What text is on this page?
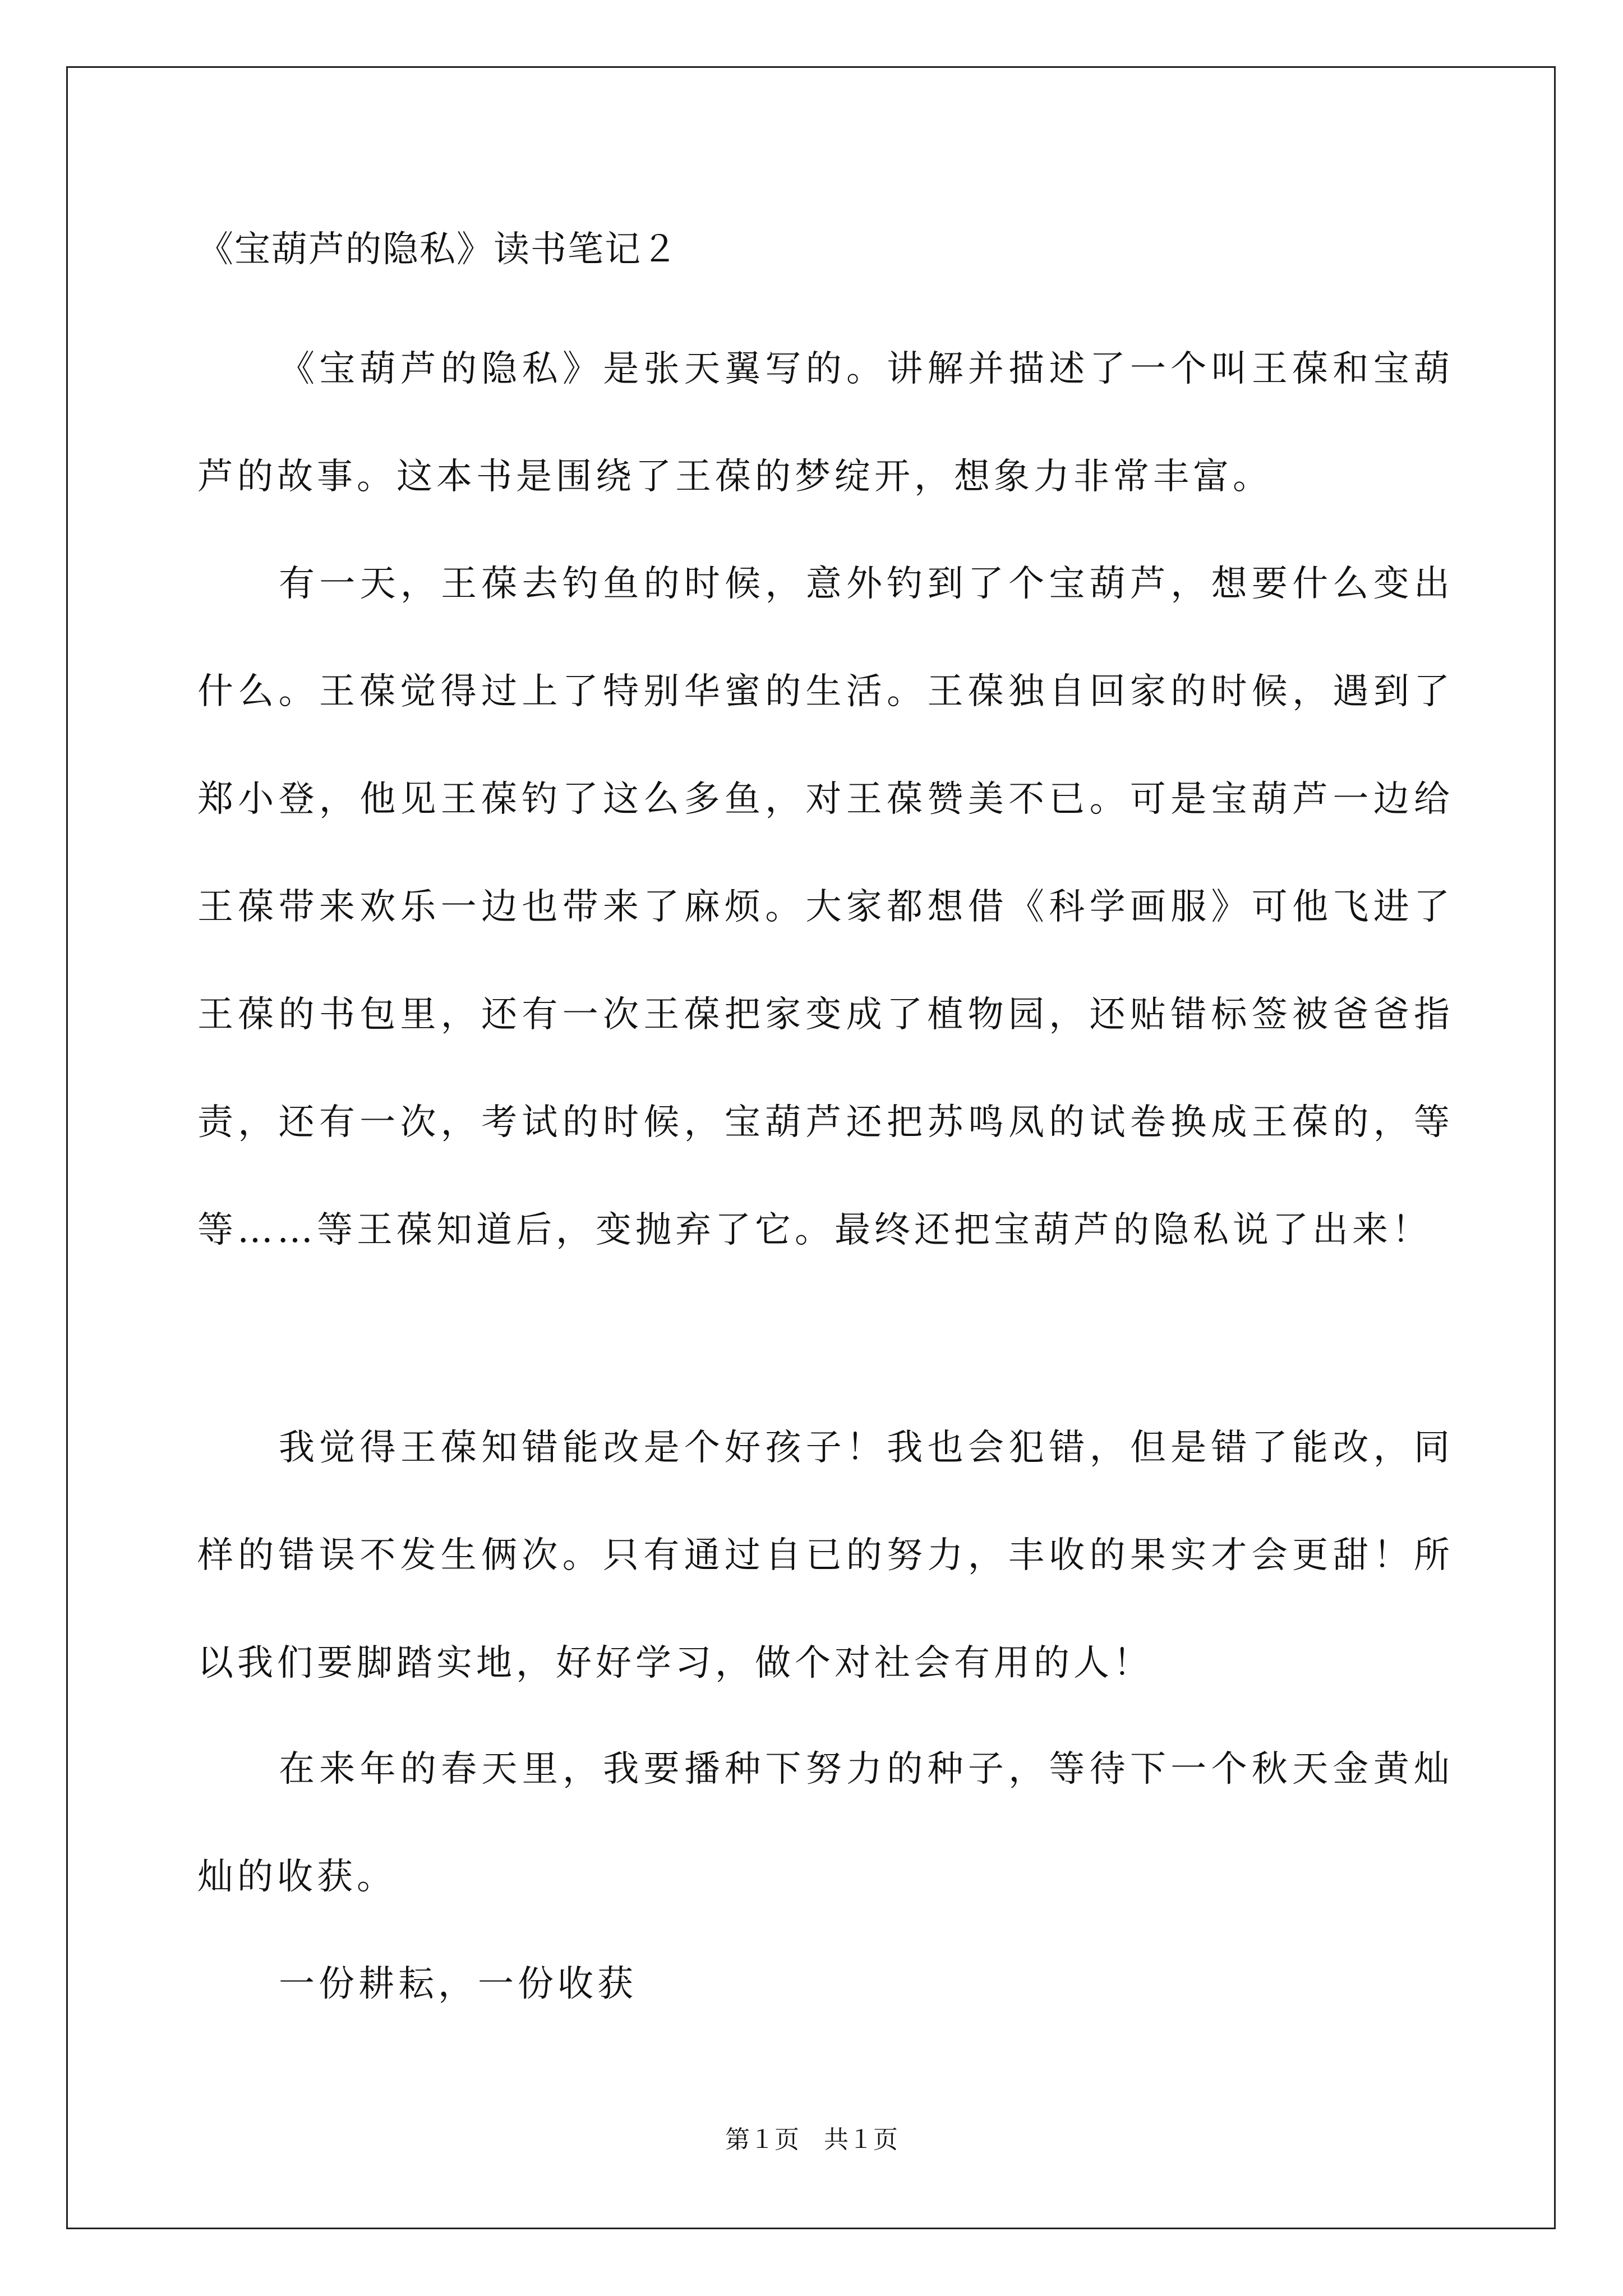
《宝葫芦的隐私》读书笔记２

《宝葫芦的隐私》是张天翼写的。讲解并描述了一个叫王葆和宝葫芦的故事。这本书是围绕了王葆的梦绽开，想象力非常丰富。

有一天，王葆去钓鱼的时候，意外钓到了个宝葫芦，想要什么变出什么。王葆觉得过上了特别华蜜的生活。王葆独自回家的时候，遇到了郑小登，他见王葆钓了这么多鱼，对王葆赞美不已。可是宝葫芦一边给王葆带来欢乐一边也带来了麻烦。大家都想借《科学画服》可他飞进了王葆的书包里，还有一次王葆把家变成了植物园，还贴错标签被爸爸指责，还有一次，考试的时候，宝葫芦还把苏鸣凤的试卷换成王葆的，等等……等王葆知道后，变抛弃了它。最终还把宝葫芦的隐私说了出来！

我觉得王葆知错能改是个好孩子！我也会犯错，但是错了能改，同样的错误不发生俩次。只有通过自已的努力，丰收的果实才会更甜！所以我们要脚踏实地，好好学习，做个对社会有用的人！

在来年的春天里，我要播种下努力的种子，等待下一个秋天金黄灿灿的收获。

一份耕耘，一份收获

第１页　共１页
